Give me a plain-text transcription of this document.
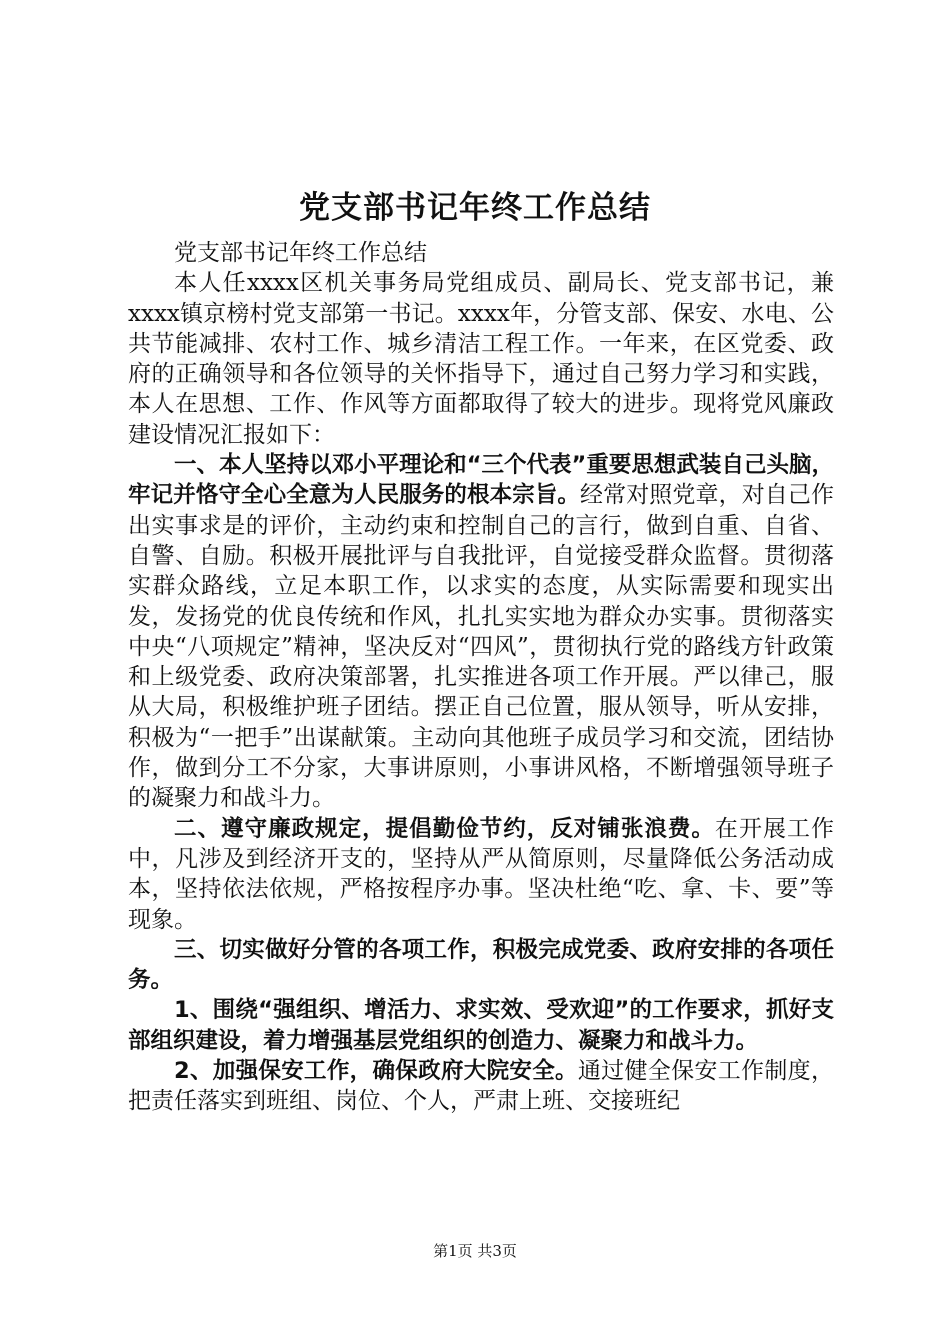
党支部书记年终工作总结

党支部书记年终工作总结

本人任xxxx区机关事务局党组成员、副局长、党支部书记，兼xxxx镇京榜村党支部第一书记。xxxx年，分管支部、保安、水电、公共节能减排、农村工作、城乡清洁工程工作。一年来，在区党委、政府的正确领导和各位领导的关怀指导下，通过自己努力学习和实践，本人在思想、工作、作风等方面都取得了较大的进步。现将党风廉政建设情况汇报如下：

一、本人坚持以邓小平理论和“三个代表”重要思想武装自己头脑，牢记并恪守全心全意为人民服务的根本宗旨。经常对照党章，对自己作出实事求是的评价，主动约束和控制自己的言行，做到自重、自省、自警、自励。积极开展批评与自我批评，自觉接受群众监督。贯彻落实群众路线，立足本职工作，以求实的态度，从实际需要和现实出发，发扬党的优良传统和作风，扎扎实实地为群众办实事。贯彻落实中央“八项规定”精神，坚决反对“四风”，贯彻执行党的路线方针政策和上级党委、政府决策部署，扎实推进各项工作开展。严以律己，服从大局，积极维护班子团结。摆正自己位置，服从领导，听从安排，积极为“一把手”出谋献策。主动向其他班子成员学习和交流，团结协作，做到分工不分家，大事讲原则，小事讲风格，不断增强领导班子的凝聚力和战斗力。

二、遵守廉政规定，提倡勤俭节约，反对铺张浪费。在开展工作中，凡涉及到经济开支的，坚持从严从简原则，尽量降低公务活动成本，坚持依法依规，严格按程序办事。坚决杜绝“吃、拿、卡、要”等现象。

三、切实做好分管的各项工作，积极完成党委、政府安排的各项任务。

1、围绕“强组织、增活力、求实效、受欢迎”的工作要求，抓好支部组织建设，着力增强基层党组织的创造力、凝聚力和战斗力。

2、加强保安工作，确保政府大院安全。通过健全保安工作制度，把责任落实到班组、岗位、个人，严肃上班、交接班纪

第1页 共3页
